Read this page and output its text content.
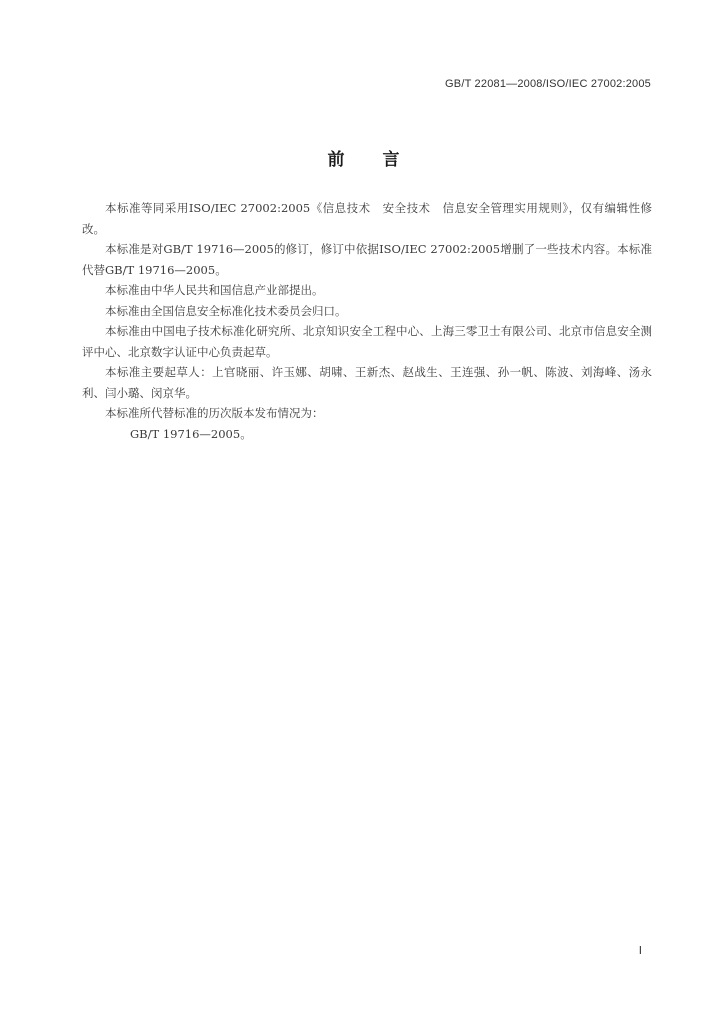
GB/T 22081—2008/ISO/IEC 27002:2005
前言

本标准等同采用ISO/IEC 27002:2005《信息技术　安全技术　信息安全管理实用规则》，仅有编辑性修改。

本标准是对GB/T 19716—2005的修订，修订中依据ISO/IEC 27002:2005增删了一些技术内容。本标准代替GB/T 19716—2005。

本标准由中华人民共和国信息产业部提出。

本标准由全国信息安全标准化技术委员会归口。

本标准由中国电子技术标准化研究所、北京知识安全工程中心、上海三零卫士有限公司、北京市信息安全测评中心、北京数字认证中心负责起草。

本标准主要起草人：上官晓丽、许玉娜、胡啸、王新杰、赵战生、王连强、孙一帆、陈波、刘海峰、汤永利、闫小璐、闵京华。

本标准所代替标准的历次版本发布情况为：

GB/T 19716—2005。

Ⅰ
